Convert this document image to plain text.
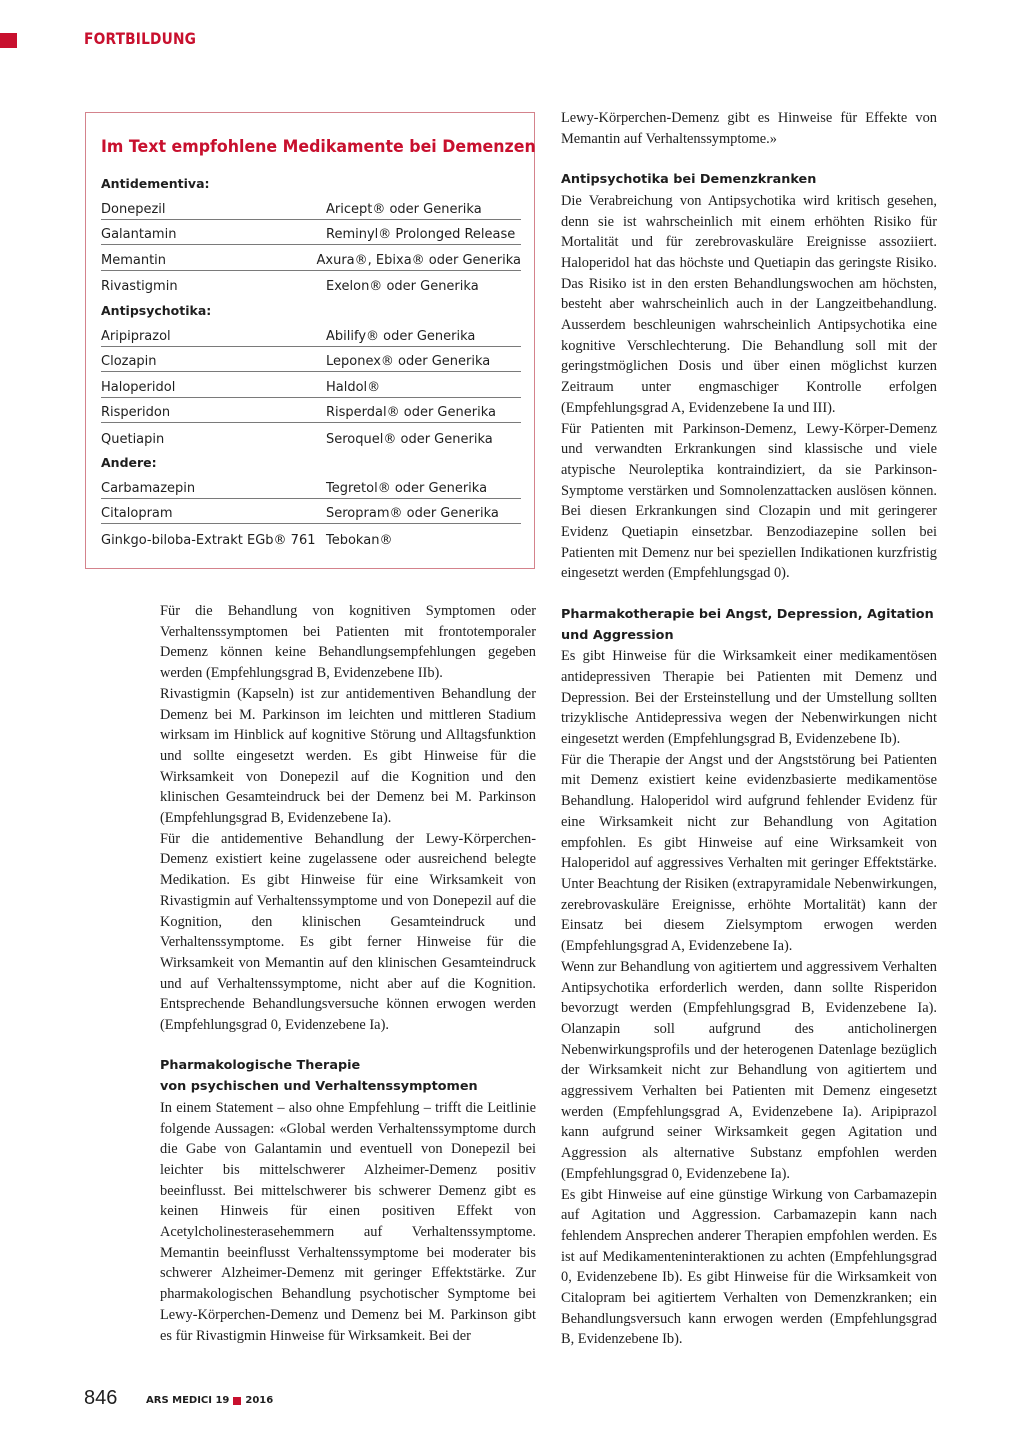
FORTBILDUNG
Im Text empfohlene Medikamente bei Demenzen
Antidementiva:
Donepezil	Aricept® oder Generika
Galantamin	Reminyl® Prolonged Release
Memantin	Axura®, Ebixa® oder Generika
Rivastigmin	Exelon® oder Generika
Antipsychotika:
Aripiprazol	Abilify® oder Generika
Clozapin	Leponex® oder Generika
Haloperidol	Haldol®
Risperidon	Risperdal® oder Generika
Quetiapin	Seroquel® oder Generika
Andere:
Carbamazepin	Tegretol® oder Generika
Citalopram	Seropram® oder Generika
Ginkgo-biloba-Extrakt EGb® 761 Tebokan®

Für die Behandlung von kognitiven Symptomen oder Verhaltenssymptomen bei Patienten mit frontotemporaler Demenz können keine Behandlungsempfehlungen gegeben werden (Empfehlungsgrad B, Evidenzebene IIb).

Rivastigmin (Kapseln) ist zur antidementiven Behandlung der Demenz bei M. Parkinson im leichten und mittleren Stadium wirksam im Hinblick auf kognitive Störung und Alltagsfunktion und sollte eingesetzt werden. Es gibt Hinweise für die Wirksamkeit von Donepezil auf die Kognition und den klinischen Gesamteindruck bei der Demenz bei M. Parkinson (Empfehlungsgrad B, Evidenzebene Ia).

Für die antidementive Behandlung der Lewy-Körperchen-Demenz existiert keine zugelassene oder ausreichend belegte Medikation. Es gibt Hinweise für eine Wirksamkeit von Rivastigmin auf Verhaltenssymptome und von Donepezil auf die Kognition, den klinischen Gesamteindruck und Verhaltenssymptome. Es gibt ferner Hinweise für die Wirksamkeit von Memantin auf den klinischen Gesamteindruck und auf Verhaltenssymptome, nicht aber auf die Kognition. Entsprechende Behandlungsversuche können erwogen werden (Empfehlungsgrad 0, Evidenzebene Ia).

Pharmakologische Therapie

von psychischen und Verhaltenssymptomen

In einem Statement – also ohne Empfehlung – trifft die Leitlinie folgende Aussagen: «Global werden Verhaltenssymptome durch die Gabe von Galantamin und eventuell von Donepezil bei leichter bis mittelschwerer Alzheimer-Demenz positiv beeinflusst. Bei mittelschwerer bis schwerer Demenz gibt es keinen Hinweis für einen positiven Effekt von Acetylcholinesterasehemmern auf Verhaltenssymptome. Memantin beeinflusst Verhaltenssymptome bei moderater bis schwerer Alzheimer-Demenz mit geringer Effektstärke. Zur pharmakologischen Behandlung psychotischer Symptome bei Lewy-Körperchen-Demenz und Demenz bei M. Parkinson gibt es für Rivastigmin Hinweise für Wirksamkeit. Bei der

Lewy-Körperchen-Demenz gibt es Hinweise für Effekte von Memantin auf Verhaltenssymptome.»

Antipsychotika bei Demenzkranken

Die Verabreichung von Antipsychotika wird kritisch gesehen, denn sie ist wahrscheinlich mit einem erhöhten Risiko für Mortalität und für zerebrovaskuläre Ereignisse assoziiert. Haloperidol hat das höchste und Quetiapin das geringste Risiko. Das Risiko ist in den ersten Behandlungswochen am höchsten, besteht aber wahrscheinlich auch in der Langzeitbehandlung. Ausserdem beschleunigen wahrscheinlich Antipsychotika eine kognitive Verschlechterung. Die Behandlung soll mit der geringstmöglichen Dosis und über einen möglichst kurzen Zeitraum unter engmaschiger Kontrolle erfolgen (Empfehlungsgrad A, Evidenzebene Ia und III).

Für Patienten mit Parkinson-Demenz, Lewy-Körper-Demenz und verwandten Erkrankungen sind klassische und viele atypische Neuroleptika kontraindiziert, da sie Parkinson-Symptome verstärken und Somnolenzattacken auslösen können. Bei diesen Erkrankungen sind Clozapin und mit geringerer Evidenz Quetiapin einsetzbar. Benzodiazepine sollen bei Patienten mit Demenz nur bei speziellen Indikationen kurzfristig eingesetzt werden (Empfehlungsgad 0).

Pharmakotherapie bei Angst, Depression, Agitation

und Aggression

Es gibt Hinweise für die Wirksamkeit einer medikamentösen antidepressiven Therapie bei Patienten mit Demenz und Depression. Bei der Ersteinstellung und der Umstellung sollten trizyklische Antidepressiva wegen der Nebenwirkungen nicht eingesetzt werden (Empfehlungsgrad B, Evidenzebene Ib).

Für die Therapie der Angst und der Angststörung bei Patienten mit Demenz existiert keine evidenzbasierte medikamentöse Behandlung. Haloperidol wird aufgrund fehlender Evidenz für eine Wirksamkeit nicht zur Behandlung von Agitation empfohlen. Es gibt Hinweise auf eine Wirksamkeit von Haloperidol auf aggressives Verhalten mit geringer Effektstärke. Unter Beachtung der Risiken (extrapyramidale Nebenwirkungen, zerebrovaskuläre Ereignisse, erhöhte Mortalität) kann der Einsatz bei diesem Zielsymptom erwogen werden (Empfehlungsgrad A, Evidenzebene Ia).

Wenn zur Behandlung von agitiertem und aggressivem Verhalten Antipsychotika erforderlich werden, dann sollte Risperidon bevorzugt werden (Empfehlungsgrad B, Evidenzebene Ia). Olanzapin soll aufgrund des anticholinergen Nebenwirkungsprofils und der heterogenen Datenlage bezüglich der Wirksamkeit nicht zur Behandlung von agitiertem und aggressivem Verhalten bei Patienten mit Demenz eingesetzt werden (Empfehlungsgrad A, Evidenzebene Ia). Aripiprazol kann aufgrund seiner Wirksamkeit gegen Agitation und Aggression als alternative Substanz empfohlen werden (Empfehlungsgrad 0, Evidenzebene Ia).

Es gibt Hinweise auf eine günstige Wirkung von Carbamazepin auf Agitation und Aggression. Carbamazepin kann nach fehlendem Ansprechen anderer Therapien empfohlen werden. Es ist auf Medikamenteninteraktionen zu achten (Empfehlungsgrad 0, Evidenzebene Ib). Es gibt Hinweise für die Wirksamkeit von Citalopram bei agitiertem Verhalten von Demenzkranken; ein Behandlungsversuch kann erwogen werden (Empfehlungsgrad B, Evidenzebene Ib).

846	ARS MEDICI 19 2016
